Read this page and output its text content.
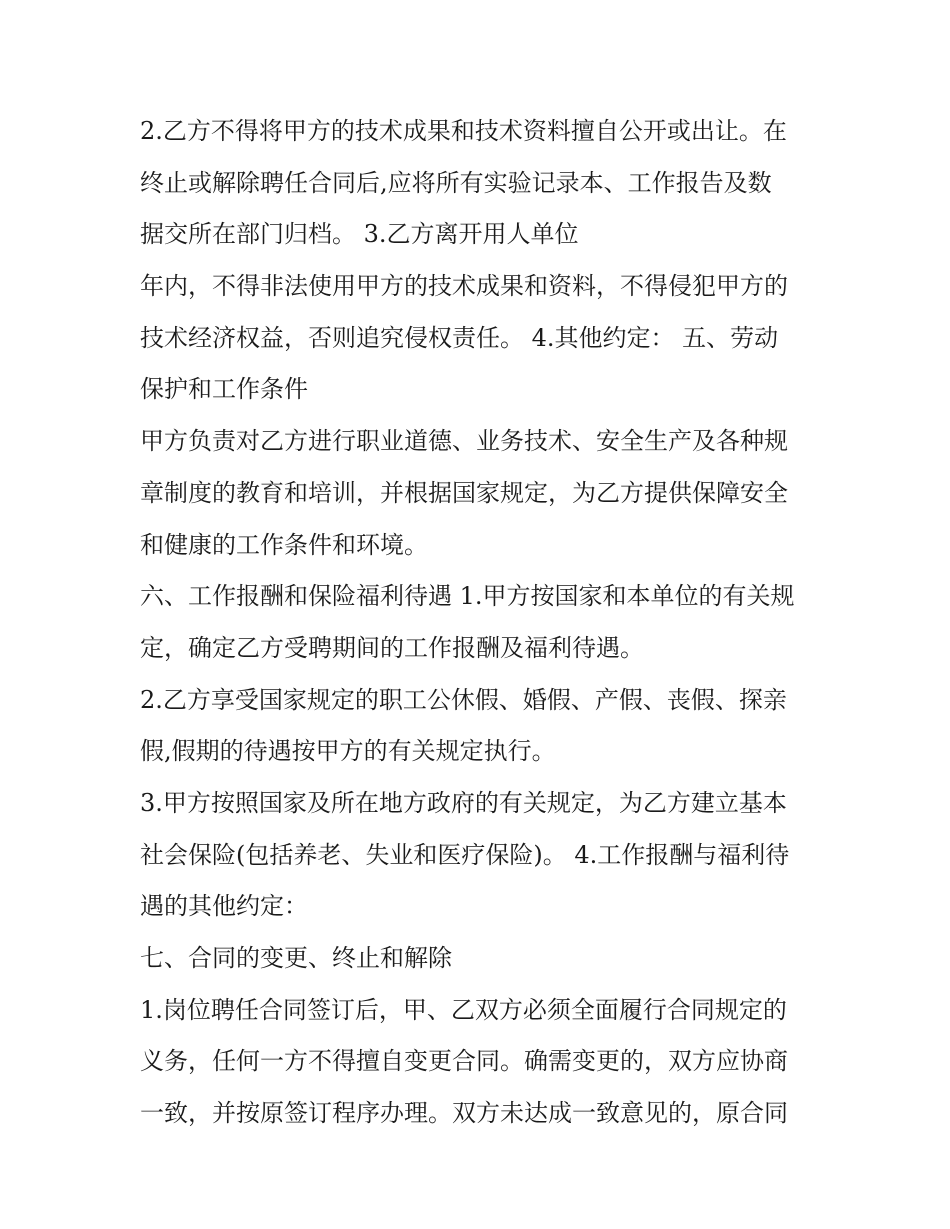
2.乙方不得将甲方的技术成果和技术资料擅自公开或出让。在
终止或解除聘任合同后,应将所有实验记录本、工作报告及数
据交所在部门归档。 3.乙方离开用人单位
年内，不得非法使用甲方的技术成果和资料，不得侵犯甲方的
技术经济权益，否则追究侵权责任。 4.其他约定： 五、劳动
保护和工作条件
甲方负责对乙方进行职业道德、业务技术、安全生产及各种规
章制度的教育和培训，并根据国家规定，为乙方提供保障安全
和健康的工作条件和环境。
六、工作报酬和保险福利待遇 1.甲方按国家和本单位的有关规
定，确定乙方受聘期间的工作报酬及福利待遇。
2.乙方享受国家规定的职工公休假、婚假、产假、丧假、探亲
假,假期的待遇按甲方的有关规定执行。
3.甲方按照国家及所在地方政府的有关规定，为乙方建立基本
社会保险(包括养老、失业和医疗保险)。 4.工作报酬与福利待
遇的其他约定：
七、合同的变更、终止和解除
1.岗位聘任合同签订后，甲、乙双方必须全面履行合同规定的
义务，任何一方不得擅自变更合同。确需变更的，双方应协商
一致，并按原签订程序办理。双方未达成一致意见的，原合同
